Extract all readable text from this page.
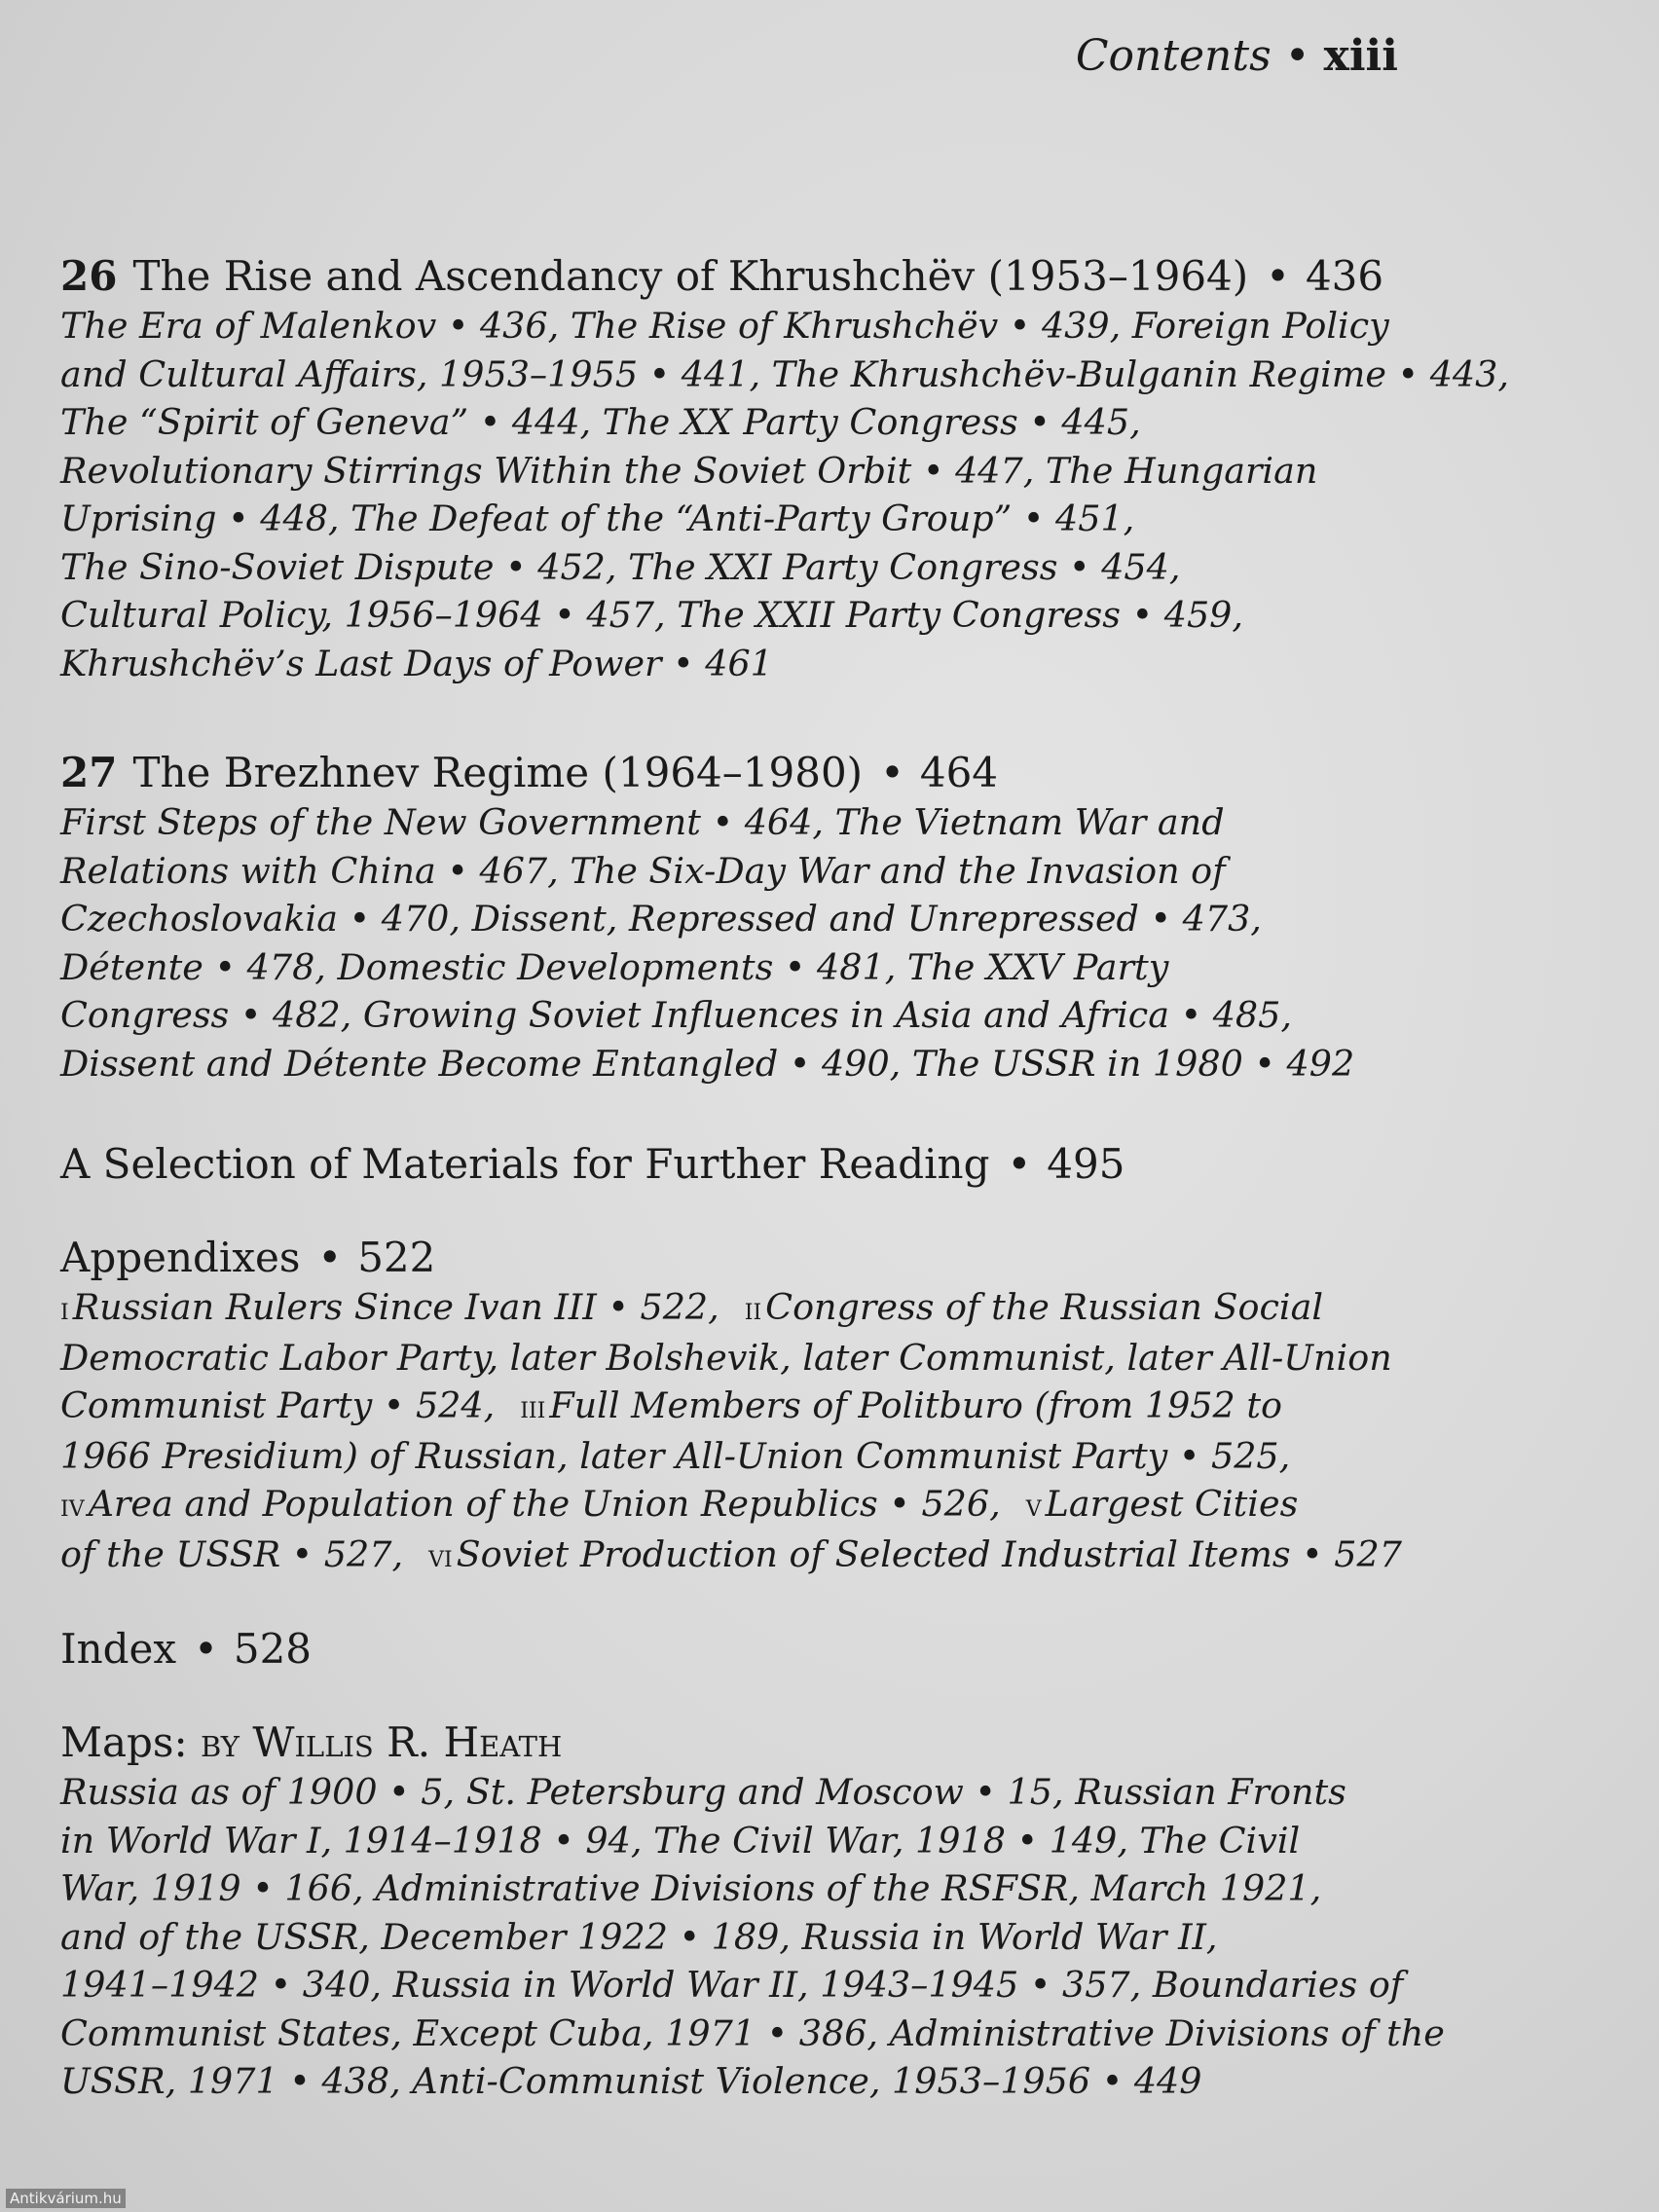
Contents • xiii
26 The Rise and Ascendancy of Khrushchëv (1953–1964) • 436
The Era of Malenkov • 436, The Rise of Khrushchëv • 439, Foreign Policy
and Cultural Affairs, 1953–1955 • 441, The Khrushchëv-Bulganin Regime • 443,
The “Spirit of Geneva” • 444, The XX Party Congress • 445,
Revolutionary Stirrings Within the Soviet Orbit • 447, The Hungarian
Uprising • 448, The Defeat of the “Anti-Party Group” • 451,
The Sino-Soviet Dispute • 452, The XXI Party Congress • 454,
Cultural Policy, 1956–1964 • 457, The XXII Party Congress • 459,
Khrushchëv’s Last Days of Power • 461
27 The Brezhnev Regime (1964–1980) • 464
First Steps of the New Government • 464, The Vietnam War and
Relations with China • 467, The Six-Day War and the Invasion of
Czechoslovakia • 470, Dissent, Repressed and Unrepressed • 473,
Détente • 478, Domestic Developments • 481, The XXV Party
Congress • 482, Growing Soviet Influences in Asia and Africa • 485,
Dissent and Détente Become Entangled • 490, The USSR in 1980 • 492
A Selection of Materials for Further Reading • 495
Appendixes • 522
i Russian Rulers Since Ivan III • 522, ii Congress of the Russian Social
Democratic Labor Party, later Bolshevik, later Communist, later All-Union
Communist Party • 524, iii Full Members of Politburo (from 1952 to
1966 Presidium) of Russian, later All-Union Communist Party • 525,
iv Area and Population of the Union Republics • 526, v Largest Cities
of the USSR • 527, vi Soviet Production of Selected Industrial Items • 527
Index • 528
Maps: by Willis R. Heath
Russia as of 1900 • 5, St. Petersburg and Moscow • 15, Russian Fronts
in World War I, 1914–1918 • 94, The Civil War, 1918 • 149, The Civil
War, 1919 • 166, Administrative Divisions of the RSFSR, March 1921,
and of the USSR, December 1922 • 189, Russia in World War II,
1941–1942 • 340, Russia in World War II, 1943–1945 • 357, Boundaries of
Communist States, Except Cuba, 1971 • 386, Administrative Divisions of the
USSR, 1971 • 438, Anti-Communist Violence, 1953–1956 • 449
Antikvárium.hu
